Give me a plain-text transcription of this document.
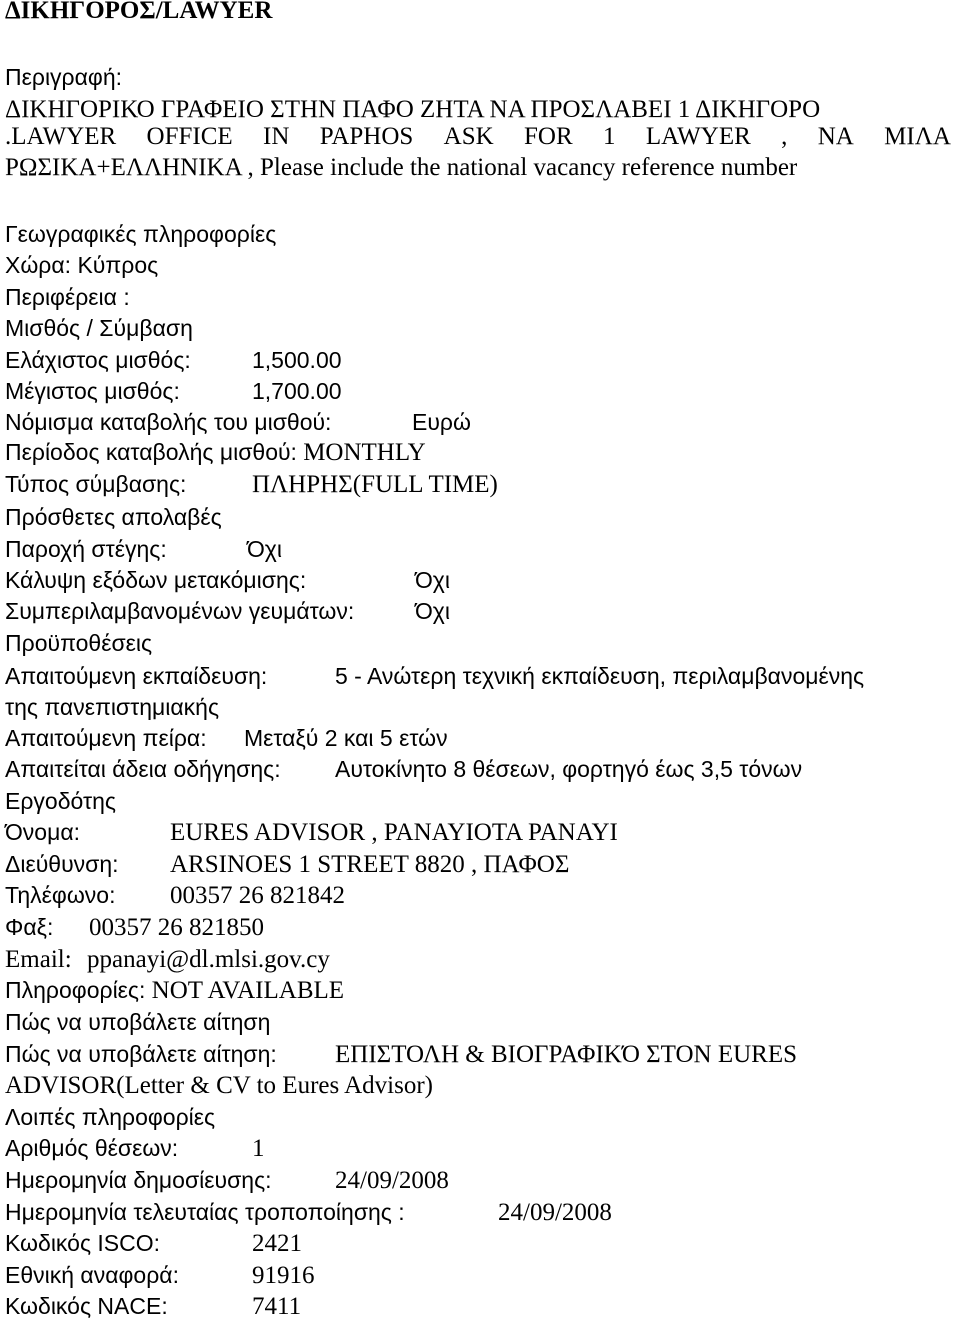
ΔΙΚΗΓΟΡΟΣ/LAWYER
Περιγραφή:
ΔΙΚΗΓΟΡΙΚΟ ΓΡΑΦΕΙΟ ΣΤΗΝ ΠΑΦΟ ΖΗΤΑ ΝΑ ΠΡΟΣΛΑΒΕΙ 1 ΔΙΚΗΓΟΡΟ
.LAWYER OFFICE IN PAPHOS ASK FOR 1 LAWYER , ΝΑ ΜΙΛΑ
ΡΩΣΙΚΑ+ΕΛΛΗΝΙΚΑ , Please include the national vacancy reference number
Γεωγραφικές πληροφορίες
Χώρα: Κύπρος
Περιφέρεια :
Μισθός / Σύμβαση
Ελάχιστος μισθός:	1,500.00
Μέγιστος μισθός:	1,700.00
Νόμισμα καταβολής του μισθού:	Ευρώ
Περίοδος καταβολής μισθού: MONTHLY
Τύπος σύμβασης:	ΠΛΗΡΗΣ(FULL TIME)
Πρόσθετες απολαβές
Παροχή στέγης:	Όχι
Κάλυψη εξόδων μετακόμισης:	Όχι
Συμπεριλαμβανομένων γευμάτων:	Όχι
Προϋποθέσεις
Απαιτούμενη εκπαίδευση:	5 - Ανώτερη τεχνική εκπαίδευση, περιλαμβανομένης
της πανεπιστημιακής
Απαιτούμενη πείρα: Μεταξύ 2 και 5 ετών
Απαιτείται άδεια οδήγησης: Αυτοκίνητο 8 θέσεων, φορτηγό έως 3,5 τόνων
Εργοδότης
Όνομα:	EURES ADVISOR , PANAYIOTA PANAYI
Διεύθυνση: ARSINOES 1 STREET 8820 , ΠΑΦΟΣ
Τηλέφωνο: 00357 26 821842
Φαξ: 00357 26 821850
Email: ppanayi@dl.mlsi.gov.cy
Πληροφορίες: NOT AVAILABLE
Πώς να υποβάλετε αίτηση
Πώς να υποβάλετε αίτηση: ΕΠΙΣΤΟΛΗ & ΒΙΟΓΡΑΦΙΚΌ ΣΤΟΝ EURES
ADVISOR(Letter & CV to Eures Advisor)
Λοιπές πληροφορίες
Αριθμός θέσεων:	1
Ημερομηνία δημοσίευσης:	24/09/2008
Ημερομηνία τελευταίας τροποποίησης :	24/09/2008
Κωδικός ISCO:	2421
Εθνική αναφορά:	91916
Κωδικός NACE:	7411
